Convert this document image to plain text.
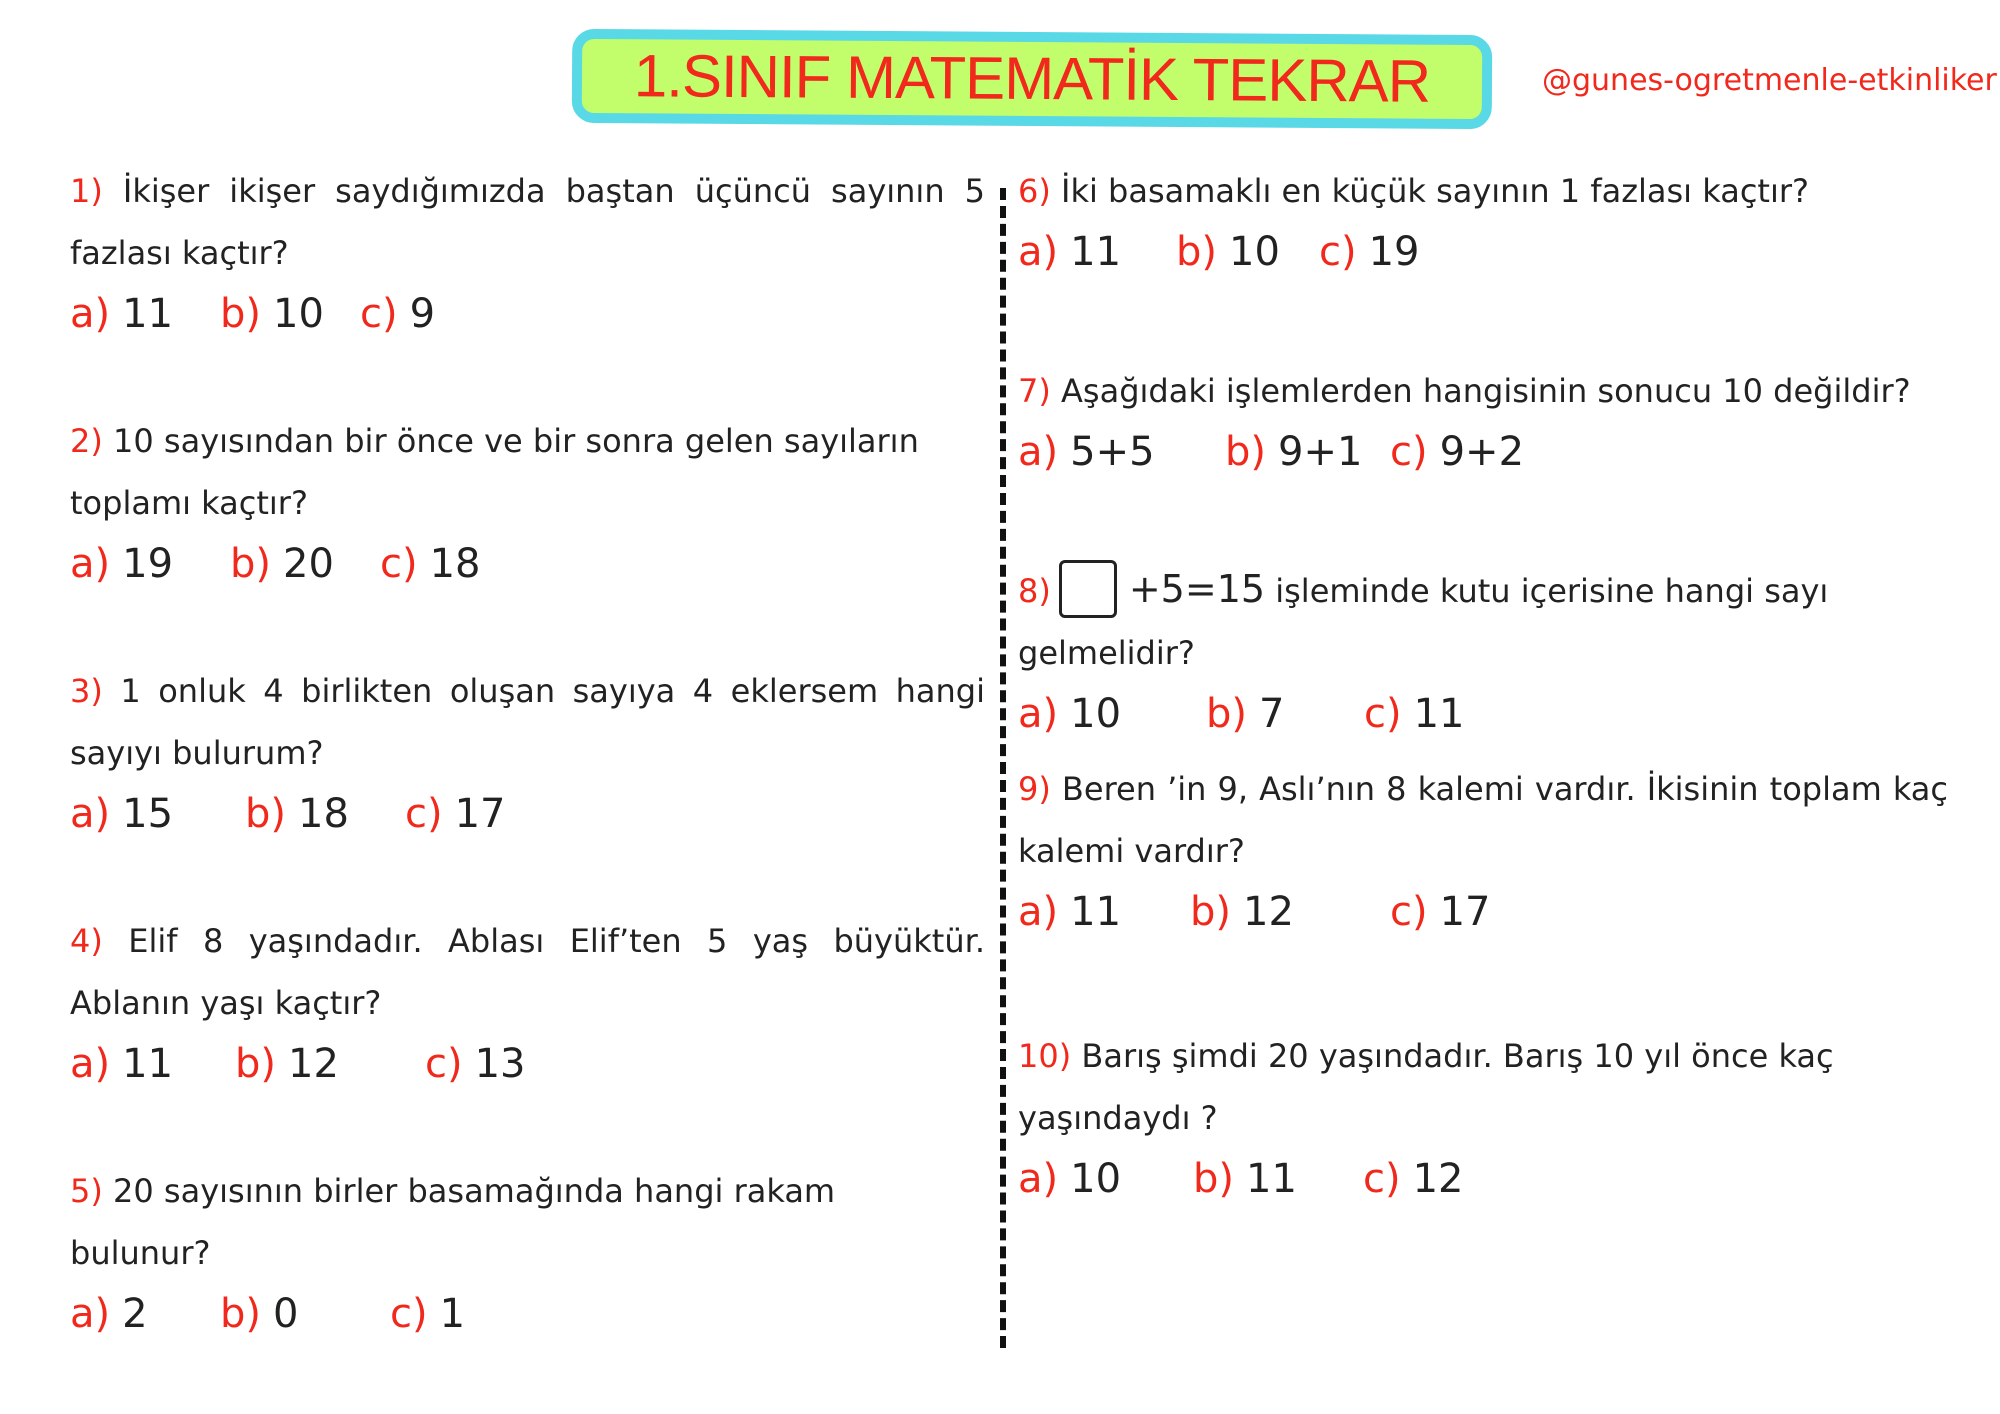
1.SINIF MATEMATİK TEKRAR	@gunes-ogretmenle-etkinliker

1) İkişer ikişer saydığımızda baştan üçüncü sayının 5 fazlası kaçtır?

a) 11 b) 10 c) 9

2) 10 sayısından bir önce ve bir sonra gelen sayıların toplamı kaçtır?

a) 19 b) 20 c) 18

3) 1 onluk 4 birlikten oluşan sayıya 4 eklersem hangi sayıyı bulurum?

a) 15 b) 18 c) 17

4) Elif 8 yaşındadır. Ablası Elif’ten 5 yaş büyüktür. Ablanın yaşı kaçtır?

a) 11 b) 12 c) 13

5) 20 sayısının birler basamağında hangi rakam bulunur?

a) 2 b) 0 c) 1

6) İki basamaklı en küçük sayının 1 fazlası kaçtır?

a) 11 b) 10 c) 19

7) Aşağıdaki işlemlerden hangisinin sonucu 10 değildir?

a) 5+5 b) 9+1 c) 9+2

8) +5=15 işleminde kutu içerisine hangi sayı gelmelidir?

a) 10 b) 7 c) 11

9) Beren ’in 9, Aslı’nın 8 kalemi vardır. İkisinin toplam kaç kalemi vardır?

a) 11 b) 12 c) 17

10) Barış şimdi 20 yaşındadır. Barış 10 yıl önce kaç yaşındaydı ?

a) 10 b) 11 c) 12
